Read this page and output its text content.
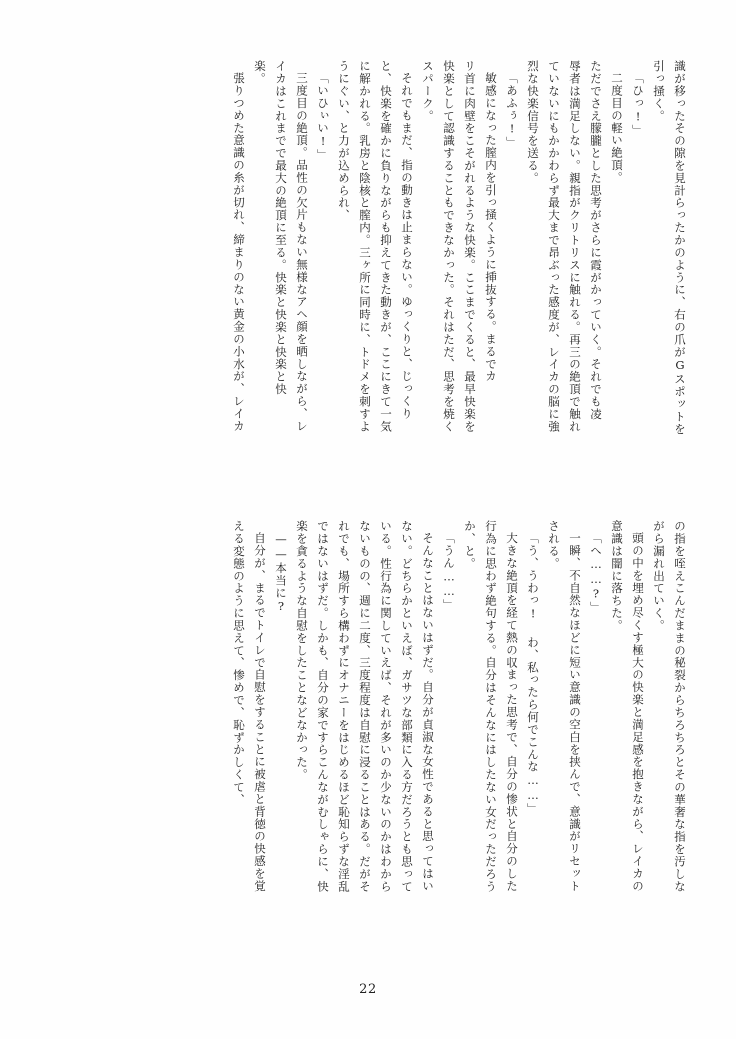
識が移ったその隙を見計らったかのように、右の爪がGスポットを
引っ掻く。
「ひっ!」
二度目の軽い絶頂。
ただでさえ朦朧とした思考がさらに霞がかっていく。それでも凌
辱者は満足しない。親指がクリトリスに触れる。再三の絶頂で触れ
ていないにもかかわらず最大まで昂ぶった感度が、レイカの脳に強
烈な快楽信号を送る。
「あふぅ!」
敏感になった膣内を引っ掻くように挿抜する。まるでカ
リ首に肉壁をこそがれるような快楽。ここまでくると、最早快楽を
快楽として認識することもできなかった。それはただ、思考を焼く
スパーク。
それでもまだ、指の動きは止まらない。ゆっくりと、じっくり
と、快楽を確かに負りながらも抑えてきた動きが、ここにきて一気
に解かれる。乳房と陰核と膣内。三ヶ所に同時に、トドメを刺すよ
うにぐい、と力が込められ、
「いひぃい!」
三度目の絶頂。品性の欠片もない無様なアヘ顔を晒しながら、レ
イカはこれまでで最大の絶頂に至る。快楽と快楽と快楽と快
楽。
張りつめた意識の糸が切れ、締まりのない黄金の小水が、レイカ
の指を咥えこんだままの秘裂からちろちろとその華奢な指を汚しな
がら漏れ出ていく。
頭の中を埋め尽くす極大の快楽と満足感を抱きながら、レイカの
意識は闇に落ちた。
「へ……?」
一瞬、不自然なほどに短い意識の空白を挟んで、意識がリセット
される。
「う、うわっ! わ、私ったら何でこんな……」
大きな絶頂を経て熱の収まった思考で、自分の惨状と自分のした
行為に思わず絶句する。自分はそんなにはしたない女だっただろう
か、と。
「うん……」
そんなことはないはずだ。自分が貞淑な女性であると思ってはい
ない。どちらかといえば、ガサツな部類に入る方だろうとも思って
いる。性行為に関していえば、それが多いのか少ないのかはわから
ないものの、週に二度、三度程度は自慰に浸ることはある。だがそ
れでも、場所すら構わずにオナニーをはじめるほど恥知らずな淫乱
ではないはずだ。しかも、自分の家ですらこんながむしゃらに、快
楽を貪るような自慰をしたことなどなかった。
——本当に?
自分が、まるでトイレで自慰をすることに被虐と背徳の快感を覚
える変態のように思えて、惨めで、恥ずかしくて、
22
